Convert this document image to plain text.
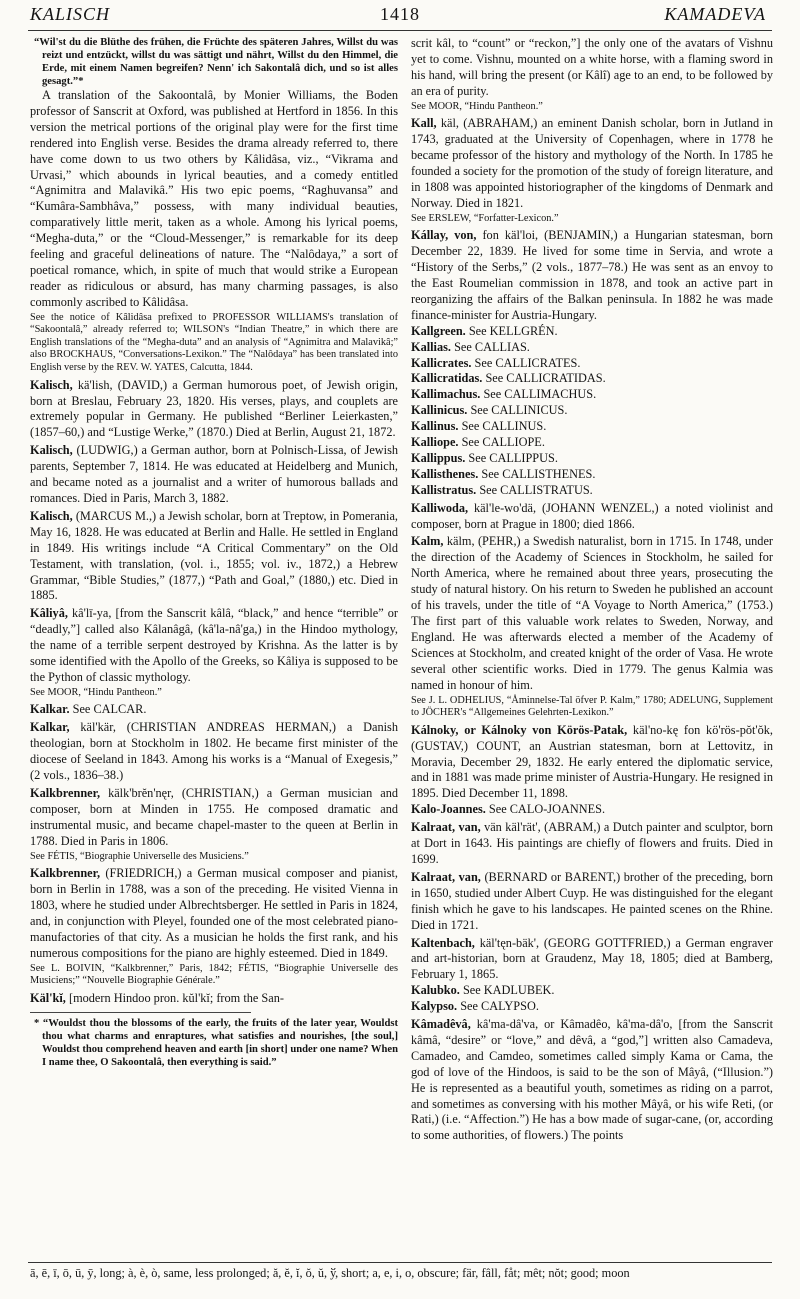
KALISCH	1418	KAMADEVA

“Wil'st du die Blüthe des frühen, die Früchte des späteren Jahres, Willst du was reizt und entzückt, willst du was sättigt und nährt, Willst du den Himmel, die Erde, mit einem Namen begreifen? Nenn' ich Sakontalâ dich, und so ist alles gesagt.”*

A translation of the Sakoontalâ, by Monier Williams, the Boden professor of Sanscrit at Oxford, was published at Hertford in 1856. In this version the metrical portions of the original play were for the first time rendered into English verse. Besides the drama already referred to, there have come down to us two others by Kâlidâsa, viz., “Vikrama and Urvasi,” which abounds in lyrical beauties, and a comedy entitled “Agnimitra and Malavikâ.” His two epic poems, “Raghuvansa” and “Kumâra-Sambhâva,” possess, with many individual beauties, comparatively little merit, taken as a whole. Among his lyrical poems, “Megha-duta,” or the “Cloud-Messenger,” is remarkable for its deep feeling and graceful delineations of nature. The “Nalôdaya,” a sort of poetical romance, which, in spite of much that would strike a European reader as ridiculous or absurd, has many charming passages, is also commonly ascribed to Kâlidâsa.

See the notice of Kâlidâsa prefixed to PROFESSOR WILLIAMS's translation of “Sakoontalâ,” already referred to; WILSON's “Indian Theatre,” in which there are English translations of the “Megha-duta” and an analysis of “Agnimitra and Malavikâ;” also BROCKHAUS, “Conversations-Lexikon.” The “Nalôdaya” has been translated into English verse by the REV. W. YATES, Calcutta, 1844.

Kalisch, kä'lish, (DAVID,) a German humorous poet, of Jewish origin, born at Breslau, February 23, 1820. His verses, plays, and couplets are extremely popular in Germany. He published “Berliner Leierkasten,” (1857–60,) and “Lustige Werke,” (1870.) Died at Berlin, August 21, 1872.

Kalisch, (LUDWIG,) a German author, born at Polnisch-Lissa, of Jewish parents, September 7, 1814. He was educated at Heidelberg and Munich, and became noted as a journalist and a writer of humorous ballads and romances. Died in Paris, March 3, 1882.

Kalisch, (MARCUS M.,) a Jewish scholar, born at Treptow, in Pomerania, May 16, 1828. He was educated at Berlin and Halle. He settled in England in 1849. His writings include “A Critical Commentary” on the Old Testament, with translation, (vol. i., 1855; vol. iv., 1872,) a Hebrew Grammar, “Bible Studies,” (1877,) “Path and Goal,” (1880,) etc. Died in 1885.

Kâliyâ, kâ'lī-ya, [from the Sanscrit kâlâ, “black,” and hence “terrible” or “deadly,”] called also Kâlanâgâ, (kâ'la-nâ'ga,) in the Hindoo mythology, the name of a terrible serpent destroyed by Krishna. As the latter is by some identified with the Apollo of the Greeks, so Kâliya is supposed to be the Python of classic mythology.

See MOOR, “Hindu Pantheon.”

Kalkar. See CALCAR.

Kalkar, käl'kär, (CHRISTIAN ANDREAS HERMAN,) a Danish theologian, born at Stockholm in 1802. He became first minister of the diocese of Seeland in 1843. Among his works is a “Manual of Exegesis,” (2 vols., 1836–38.)

Kalkbrenner, kälk'brĕn'nęr, (CHRISTIAN,) a German musician and composer, born at Minden in 1755. He composed dramatic and instrumental music, and became chapel-master to the queen at Berlin in 1788. Died in Paris in 1806.

See FÉTIS, “Biographie Universelle des Musiciens.”

Kalkbrenner, (FRIEDRICH,) a German musical composer and pianist, born in Berlin in 1788, was a son of the preceding. He visited Vienna in 1803, where he studied under Albrechtsberger. He settled in Paris in 1824, and, in conjunction with Pleyel, founded one of the most celebrated piano-manufactories of that city. As a musician he holds the first rank, and his numerous compositions for the piano are highly esteemed. Died in 1849.

See L. BOIVIN, “Kalkbrenner,” Paris, 1842; FÉTIS, “Biographie Universelle des Musiciens;” “Nouvelle Biographie Générale.”

Käl'kĭ, [modern Hindoo pron. kŭl'kĭ; from the San-

* “Wouldst thou the blossoms of the early, the fruits of the later year, Wouldst thou what charms and enraptures, what satisfies and nourishes, [the soul,] Wouldst thou comprehend heaven and earth [in short] under one name? When I name thee, O Sakoontalâ, then everything is said.”

scrit kâl, to “count” or “reckon,”] the only one of the avatars of Vishnu yet to come. Vishnu, mounted on a white horse, with a flaming sword in his hand, will bring the present (or Kâlî) age to an end, to be followed by an era of purity.

See MOOR, “Hindu Pantheon.”

Kall, käl, (ABRAHAM,) an eminent Danish scholar, born in Jutland in 1743, graduated at the University of Copenhagen, where in 1778 he became professor of the history and mythology of the North. In 1785 he founded a society for the promotion of the study of foreign literature, and in 1808 was appointed historiographer of the kingdoms of Denmark and Norway. Died in 1821.

See ERSLEW, “Forfatter-Lexicon.”

Kállay, von, fon käl'loi, (BENJAMIN,) a Hungarian statesman, born December 22, 1839. He lived for some time in Servia, and wrote a “History of the Serbs,” (2 vols., 1877–78.) He was sent as an envoy to the East Roumelian commission in 1878, and took an active part in reorganizing the affairs of the Balkan peninsula. In 1882 he was made finance-minister for Austria-Hungary.

Kallgreen. See KELLGRÉN.

Kallias. See CALLIAS.

Kallicrates. See CALLICRATES.

Kallicratidas. See CALLICRATIDAS.

Kallimachus. See CALLIMACHUS.

Kallinicus. See CALLINICUS.

Kallinus. See CALLINUS.

Kalliope. See CALLIOPE.

Kallippus. See CALLIPPUS.

Kallisthenes. See CALLISTHENES.

Kallistratus. See CALLISTRATUS.

Kalliwoda, käl'le-wo'dä, (JOHANN WENZEL,) a noted violinist and composer, born at Prague in 1800; died 1866.

Kalm, kälm, (PEHR,) a Swedish naturalist, born in 1715. In 1748, under the direction of the Academy of Sciences in Stockholm, he sailed for North America, where he remained about three years, prosecuting the study of natural history. On his return to Sweden he published an account of his travels, under the title of “A Voyage to North America,” (1753.) The first part of this valuable work relates to Sweden, Norway, and England. He was afterwards elected a member of the Academy of Sciences at Stockholm, and created knight of the order of Vasa. He wrote several other scientific works. Died in 1779. The genus Kalmia was named in honour of him.

See J. L. ODHELIUS, “Åminnelse-Tal öfver P. Kalm,” 1780; ADELUNG, Supplement to JÖCHER's “Allgemeines Gelehrten-Lexikon.”

Kálnoky, or Kálnoky von Körös-Patak, käl'no-kę fon kö'rös-pŏt'ŏk, (GUSTAV,) COUNT, an Austrian statesman, born at Lettovitz, in Moravia, December 29, 1832. He early entered the diplomatic service, and in 1881 was made prime minister of Austria-Hungary. He resigned in 1895. Died December 11, 1898.

Kalo-Joannes. See CALO-JOANNES.

Kalraat, van, vän käl'rät', (ABRAM,) a Dutch painter and sculptor, born at Dort in 1643. His paintings are chiefly of flowers and fruits. Died in 1699.

Kalraat, van, (BERNARD or BARENT,) brother of the preceding, born in 1650, studied under Albert Cuyp. He was distinguished for the elegant finish which he gave to his landscapes. He painted scenes on the Rhine. Died in 1721.

Kaltenbach, käl'tęn-bäk', (GEORG GOTTFRIED,) a German engraver and art-historian, born at Graudenz, May 18, 1805; died at Bamberg, February 1, 1865.

Kalubko. See KADLUBEK.

Kalypso. See CALYPSO.

Kâmadêvâ, kâ'ma-dâ'va, or Kâmadêo, kâ'ma-dâ'o, [from the Sanscrit kâmâ, “desire” or “love,” and dêvâ, a “god,”] written also Camadeva, Camadeo, and Camdeo, sometimes called simply Kama or Cama, the god of love of the Hindoos, is said to be the son of Mâyâ, (“Illusion.”) He is represented as a beautiful youth, sometimes as riding on a parrot, and sometimes as conversing with his mother Mâyâ, or his wife Reti, (or Rati,) (i.e. “Affection.”) He has a bow made of sugar-cane, (or, according to some authorities, of flowers.) The points

ā, ē, ī, ō, ū, ȳ, long; à, è, ò, same, less prolonged; ă, ĕ, ĭ, ŏ, ŭ, ў, short; a, e, i, o, obscure; fär, fâll, fåt; mêt; nŏt; good; moon
